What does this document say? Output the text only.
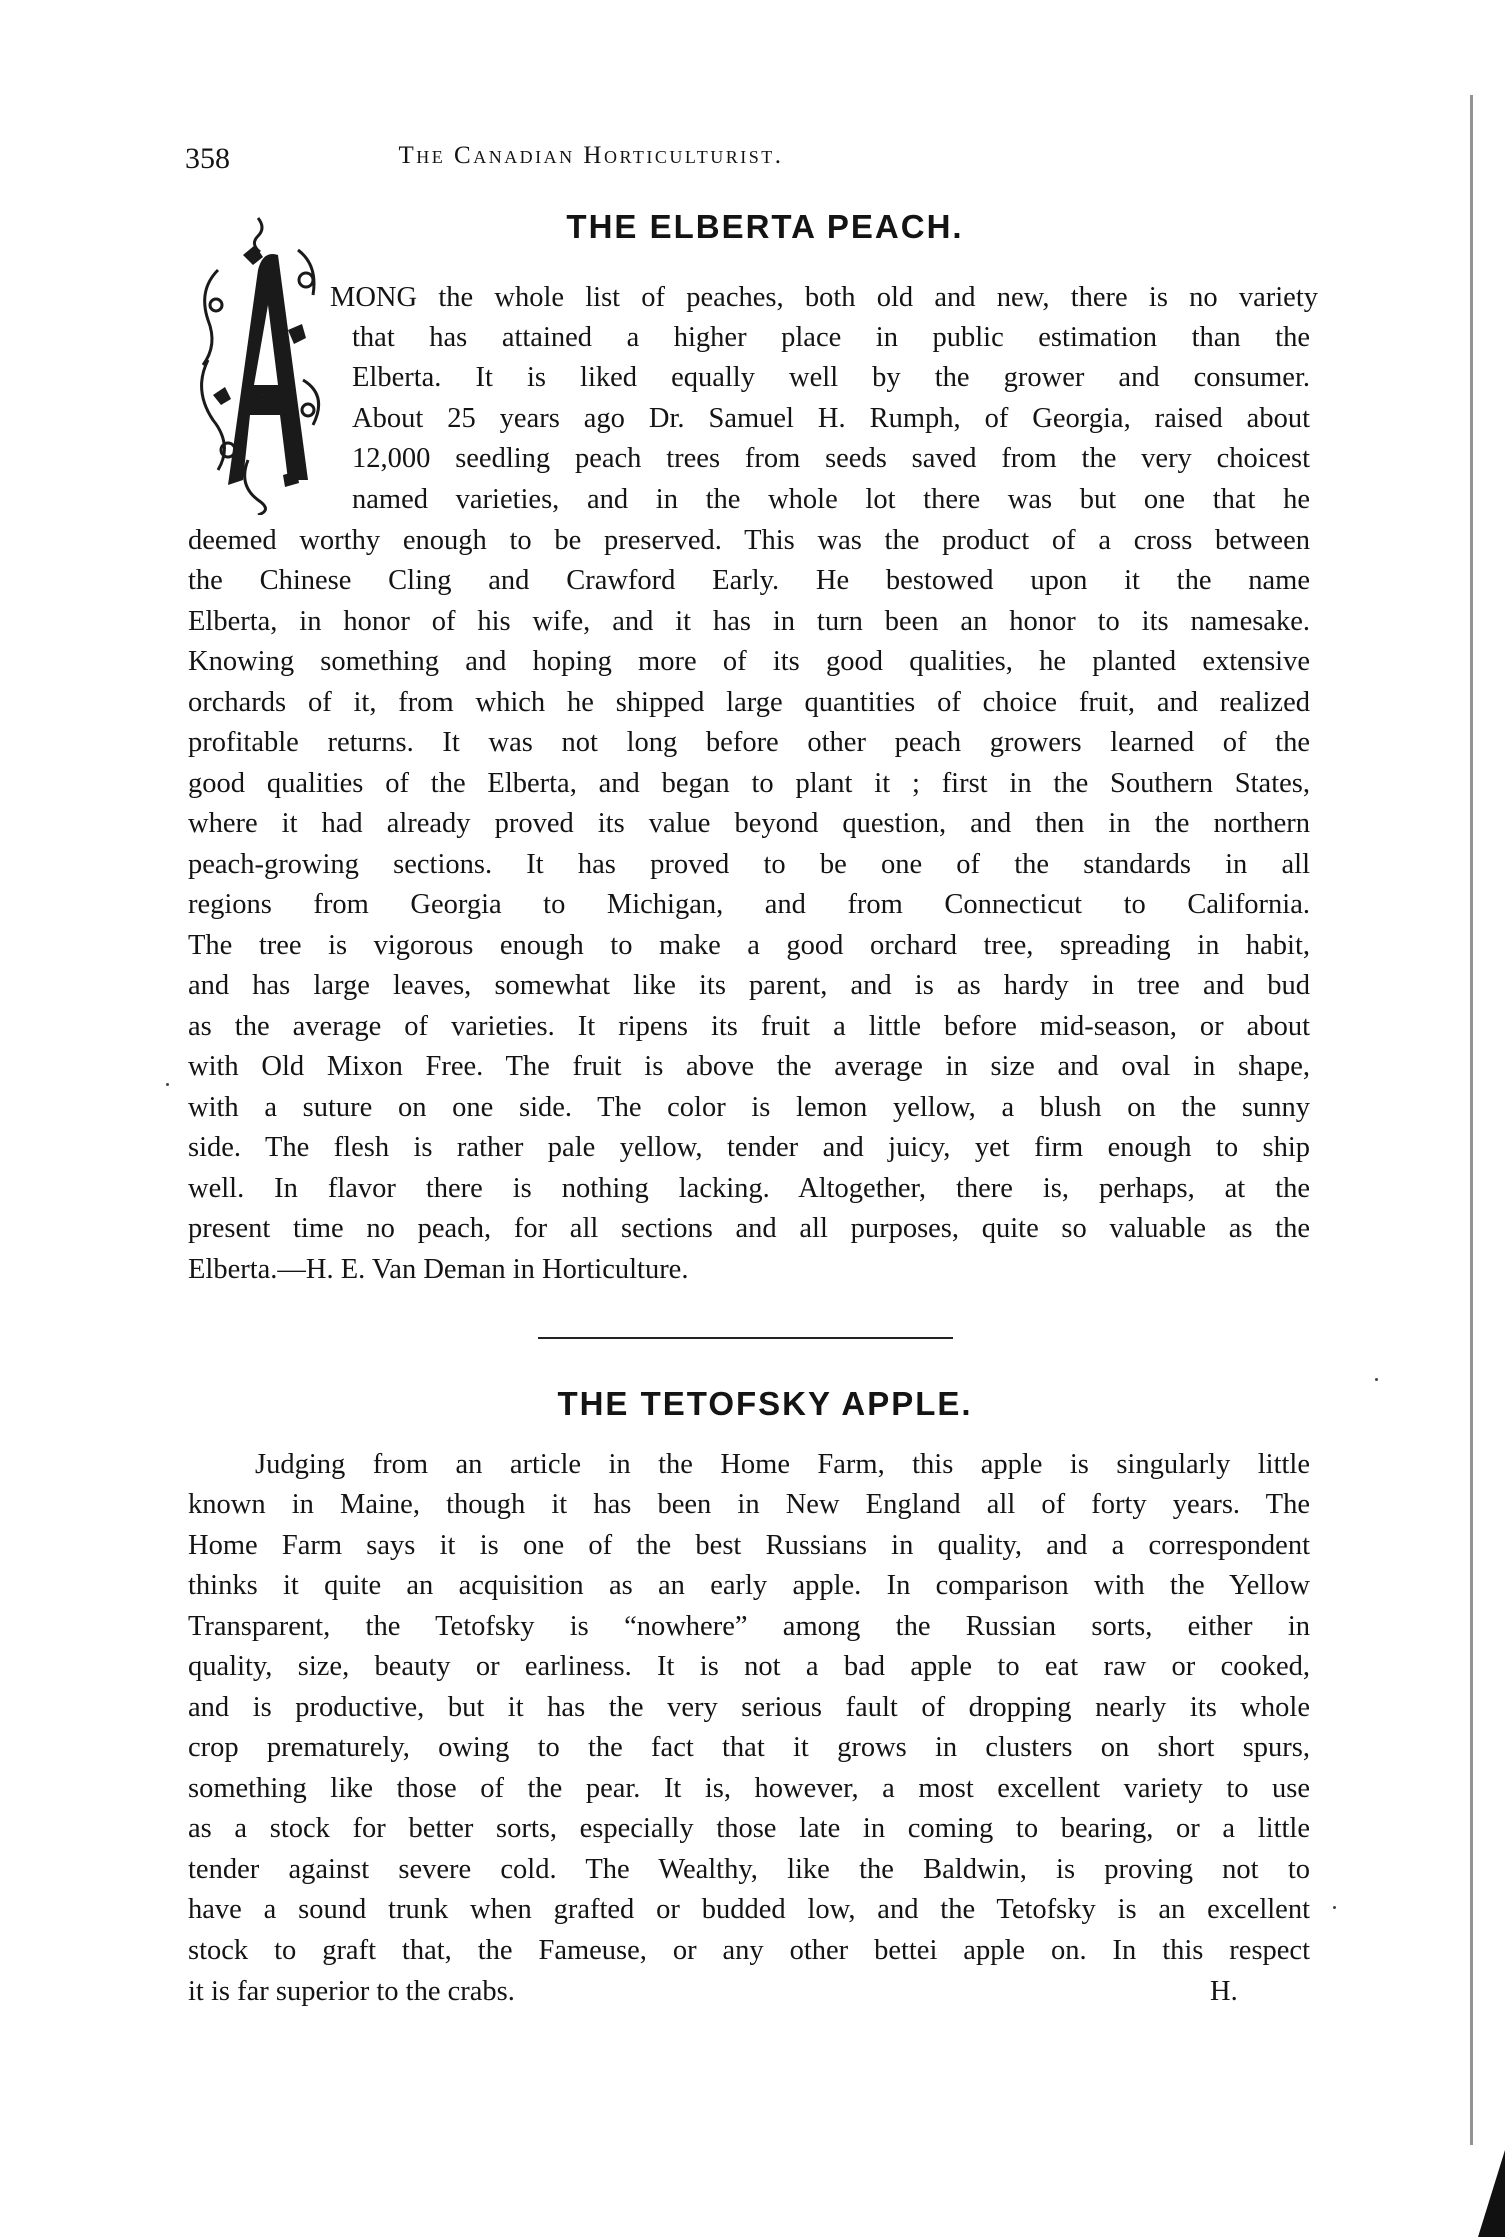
358	The Canadian Horticulturist.
THE ELBERTA PEACH.
A

MONG the whole list of peaches, both old and new, there is no variety

that has attained a higher place in public estimation than the

Elberta. It is liked equally well by the grower and consumer.

About 25 years ago Dr. Samuel H. Rumph, of Georgia, raised about

12,000 seedling peach trees from seeds saved from the very choicest

named varieties, and in the whole lot there was but one that he

deemed worthy enough to be preserved. This was the product of a cross between

the Chinese Cling and Crawford Early. He bestowed upon it the name

Elberta, in honor of his wife, and it has in turn been an honor to its namesake.

Knowing something and hoping more of its good qualities, he planted extensive

orchards of it, from which he shipped large quantities of choice fruit, and realized

profitable returns. It was not long before other peach growers learned of the

good qualities of the Elberta, and began to plant it ; first in the Southern States,

where it had already proved its value beyond question, and then in the northern

peach-growing sections. It has proved to be one of the standards in all

regions from Georgia to Michigan, and from Connecticut to California.

The tree is vigorous enough to make a good orchard tree, spreading in habit,

and has large leaves, somewhat like its parent, and is as hardy in tree and bud

as the average of varieties. It ripens its fruit a little before mid-season, or about

with Old Mixon Free. The fruit is above the average in size and oval in shape,

with a suture on one side. The color is lemon yellow, a blush on the sunny

side. The flesh is rather pale yellow, tender and juicy, yet firm enough to ship

well. In flavor there is nothing lacking. Altogether, there is, perhaps, at the

present time no peach, for all sections and all purposes, quite so valuable as the

Elberta.—H. E. Van Deman in Horticulture.

THE TETOFSKY APPLE.

Judging from an article in the Home Farm, this apple is singularly little

known in Maine, though it has been in New England all of forty years. The

Home Farm says it is one of the best Russians in quality, and a correspondent

thinks it quite an acquisition as an early apple. In comparison with the Yellow

Transparent, the Tetofsky is “nowhere” among the Russian sorts, either in

quality, size, beauty or earliness. It is not a bad apple to eat raw or cooked,

and is productive, but it has the very serious fault of dropping nearly its whole

crop prematurely, owing to the fact that it grows in clusters on short spurs,

something like those of the pear. It is, however, a most excellent variety to use

as a stock for better sorts, especially those late in coming to bearing, or a little

tender against severe cold. The Wealthy, like the Baldwin, is proving not to

have a sound trunk when grafted or budded low, and the Tetofsky is an excellent

stock to graft that, the Fameuse, or any other bettei apple on. In this respect

it is far superior to the crabs.	H.
